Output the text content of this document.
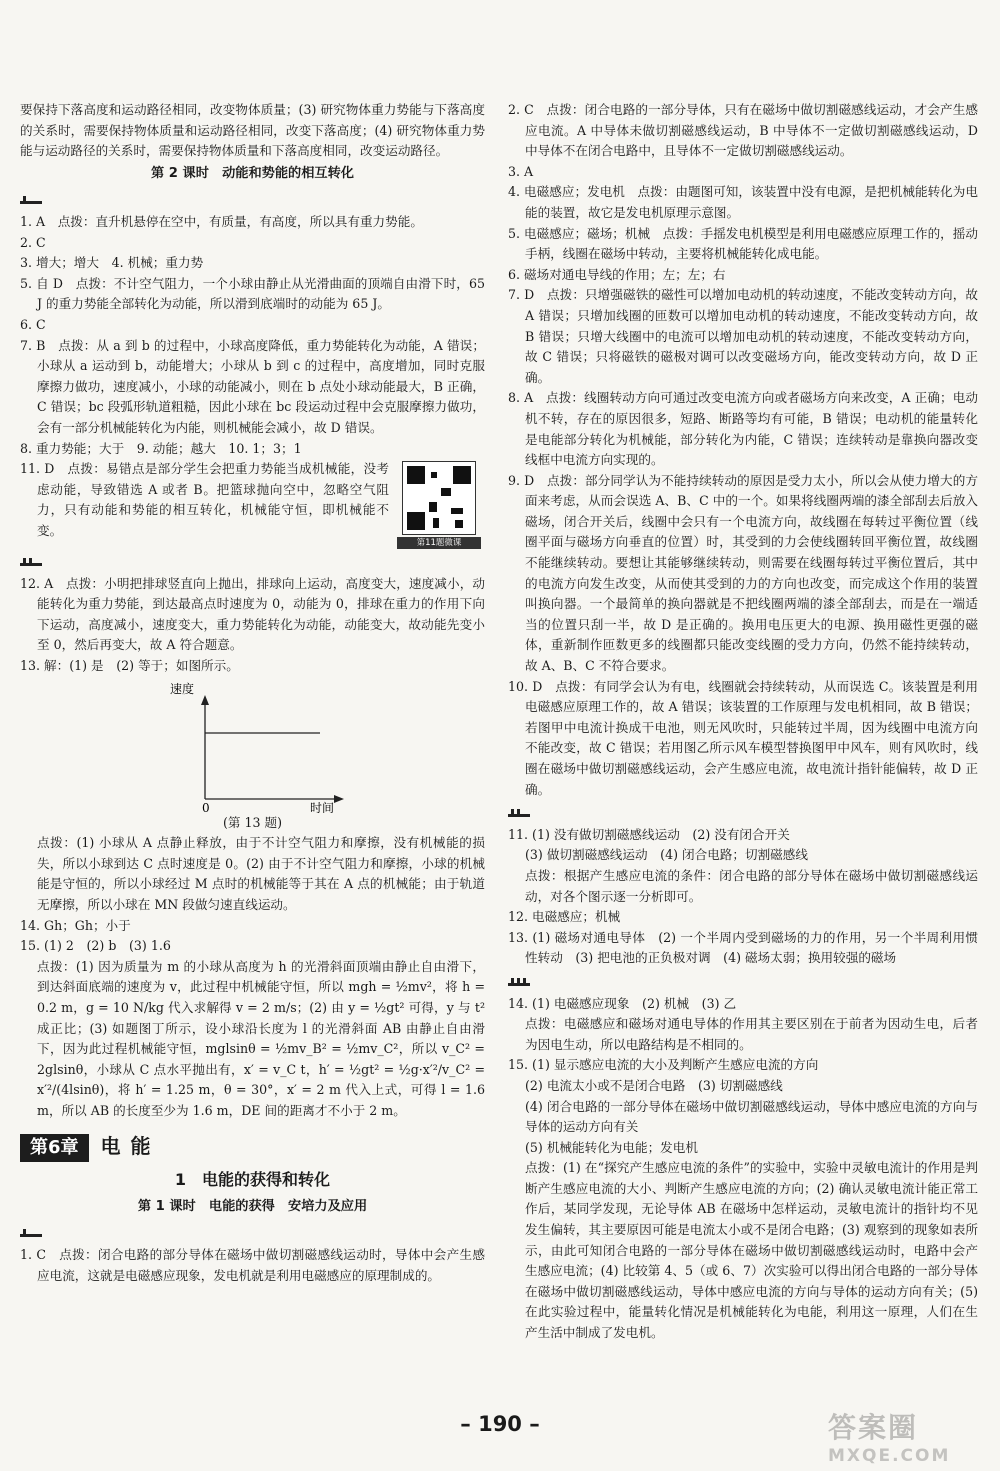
要保持下落高度和运动路径相同，改变物体质量；(3) 研究物体重力势能与下落高度的关系时，需要保持物体质量和运动路径相同，改变下落高度；(4) 研究物体重力势能与运动路径的关系时，需要保持物体质量和下落高度相同，改变运动路径。

第 2 课时　动能和势能的相互转化

1. A　点拨：直升机悬停在空中，有质量，有高度，所以具有重力势能。

2. C

3. 增大；增大　4. 机械；重力势

5. 自 D　点拨：不计空气阻力，一个小球由静止从光滑曲面的顶端自由滑下时，65 J 的重力势能全部转化为动能，所以滑到底端时的动能为 65 J。

6. C

7. B　点拨：从 a 到 b 的过程中，小球高度降低，重力势能转化为动能，A 错误；小球从 a 运动到 b，动能增大；小球从 b 到 c 的过程中，高度增加，同时克服摩擦力做功，速度减小，小球的动能减小，则在 b 点处小球动能最大，B 正确，C 错误；bc 段弧形轨道粗糙，因此小球在 bc 段运动过程中会克服摩擦力做功，会有一部分机械能转化为内能，则机械能会减小，故 D 错误。

8. 重力势能；大于　9. 动能；越大　10. 1；3；1

第11题微课

11. D　点拨：易错点是部分学生会把重力势能当成机械能，没考虑动能，导致错选 A 或者 B。把篮球抛向空中，忽略空气阻力，只有动能和势能的相互转化，机械能守恒，即机械能不变。

12. A　点拨：小明把排球竖直向上抛出，排球向上运动，高度变大，速度减小，动能转化为重力势能，到达最高点时速度为 0，动能为 0，排球在重力的作用下向下运动，高度减小，速度变大，重力势能转化为动能，动能变大，故动能先变小至 0，然后再变大，故 A 符合题意。

13. 解：(1) 是　(2) 等于；如图所示。

速度
0	时间
(第 13 题)

点拨：(1) 小球从 A 点静止释放，由于不计空气阻力和摩擦，没有机械能的损失，所以小球到达 C 点时速度是 0。(2) 由于不计空气阻力和摩擦，小球的机械能是守恒的，所以小球经过 M 点时的机械能等于其在 A 点的机械能；由于轨道无摩擦，所以小球在 MN 段做匀速直线运动。

14. Gh；Gh；小于

15. (1) 2　(2) b　(3) 1.6

点拨：(1) 因为质量为 m 的小球从高度为 h 的光滑斜面顶端由静止自由滑下，到达斜面底端的速度为 v，此过程中机械能守恒，所以 mgh = ½mv²，将 h = 0.2 m，g = 10 N/kg 代入求解得 v = 2 m/s；(2) 由 y = ½gt² 可得，y 与 t² 成正比；(3) 如题图丁所示，设小球沿长度为 l 的光滑斜面 AB 由静止自由滑下，因为此过程机械能守恒，mglsinθ = ½mv_B² = ½mv_C²，所以 v_C² = 2glsinθ，小球从 C 点水平抛出有，x′ = v_C t，h′ = ½gt² = ½g·x′²/v_C² = x′²/(4lsinθ)，将 h′ = 1.25 m，θ = 30°，x′ = 2 m 代入上式，可得 l = 1.6 m，所以 AB 的长度至少为 1.6 m，DE 间的距离才不小于 2 m。

第6章 电能
1　电能的获得和转化
第 1 课时　电能的获得　安培力及应用

1. C　点拨：闭合电路的部分导体在磁场中做切割磁感线运动时，导体中会产生感应电流，这就是电磁感应现象，发电机就是利用电磁感应的原理制成的。

2. C　点拨：闭合电路的一部分导体，只有在磁场中做切割磁感线运动，才会产生感应电流。A 中导体未做切割磁感线运动，B 中导体不一定做切割磁感线运动，D 中导体不在闭合电路中，且导体不一定做切割磁感线运动。

3. A

4. 电磁感应；发电机　点拨：由题图可知，该装置中没有电源，是把机械能转化为电能的装置，故它是发电机原理示意图。

5. 电磁感应；磁场；机械　点拨：手摇发电机模型是利用电磁感应原理工作的，摇动手柄，线圈在磁场中转动，主要将机械能转化成电能。

6. 磁场对通电导线的作用；左；左；右

7. D　点拨：只增强磁铁的磁性可以增加电动机的转动速度，不能改变转动方向，故 A 错误；只增加线圈的匝数可以增加电动机的转动速度，不能改变转动方向，故 B 错误；只增大线圈中的电流可以增加电动机的转动速度，不能改变转动方向，故 C 错误；只将磁铁的磁极对调可以改变磁场方向，能改变转动方向，故 D 正确。

8. A　点拨：线圈转动方向可通过改变电流方向或者磁场方向来改变，A 正确；电动机不转，存在的原因很多，短路、断路等均有可能，B 错误；电动机的能量转化是电能部分转化为机械能，部分转化为内能，C 错误；连续转动是靠换向器改变线框中电流方向实现的。

9. D　点拨：部分同学认为不能持续转动的原因是受力太小，所以会从使力增大的方面来考虑，从而会误选 A、B、C 中的一个。如果将线圈两端的漆全部刮去后放入磁场，闭合开关后，线圈中会只有一个电流方向，故线圈在每转过平衡位置（线圈平面与磁场方向垂直的位置）时，其受到的力会使线圈转回平衡位置，故线圈不能继续转动。要想让其能够继续转动，则需要在线圈每转过平衡位置后，其中的电流方向发生改变，从而使其受到的力的方向也改变，而完成这个作用的装置叫换向器。一个最简单的换向器就是不把线圈两端的漆全部刮去，而是在一端适当的位置只刮一半，故 D 是正确的。换用电压更大的电源、换用磁性更强的磁体，重新制作匝数更多的线圈都只能改变线圈的受力方向，仍然不能持续转动，故 A、B、C 不符合要求。

10. D　点拨：有同学会认为有电，线圈就会持续转动，从而误选 C。该装置是利用电磁感应原理工作的，故 A 错误；该装置的工作原理与发电机相同，故 B 错误；若图甲中电流计换成干电池，则无风吹时，只能转过半周，因为线圈中电流方向不能改变，故 C 错误；若用图乙所示风车模型替换图甲中风车，则有风吹时，线圈在磁场中做切割磁感线运动，会产生感应电流，故电流计指针能偏转，故 D 正确。

11. (1) 没有做切割磁感线运动　(2) 没有闭合开关

(3) 做切割磁感线运动　(4) 闭合电路；切割磁感线

点拨：根据产生感应电流的条件：闭合电路的部分导体在磁场中做切割磁感线运动，对各个图示逐一分析即可。

12. 电磁感应；机械

13. (1) 磁场对通电导体　(2) 一个半周内受到磁场的力的作用，另一个半周利用惯性转动　(3) 把电池的正负极对调　(4) 磁场太弱；换用较强的磁场

14. (1) 电磁感应现象　(2) 机械　(3) 乙

点拨：电磁感应和磁场对通电导体的作用其主要区别在于前者为因动生电，后者为因电生动，所以电路结构是不相同的。

15. (1) 显示感应电流的大小及判断产生感应电流的方向

(2) 电流太小或不是闭合电路　(3) 切割磁感线

(4) 闭合电路的一部分导体在磁场中做切割磁感线运动，导体中感应电流的方向与导体的运动方向有关

(5) 机械能转化为电能；发电机

点拨：(1) 在“探究产生感应电流的条件”的实验中，实验中灵敏电流计的作用是判断产生感应电流的大小、判断产生感应电流的方向；(2) 确认灵敏电流计能正常工作后，某同学发现，无论导体 AB 在磁场中怎样运动，灵敏电流计的指针均不见发生偏转，其主要原因可能是电流太小或不是闭合电路；(3) 观察到的现象如表所示，由此可知闭合电路的一部分导体在磁场中做切割磁感线运动时，电路中会产生感应电流；(4) 比较第 4、5（或 6、7）次实验可以得出闭合电路的一部分导体在磁场中做切割磁感线运动，导体中感应电流的方向与导体的运动方向有关；(5) 在此实验过程中，能量转化情况是机械能转化为电能，利用这一原理，人们在生产生活中制成了发电机。

– 190 –	答案圈
MXQE.COM
